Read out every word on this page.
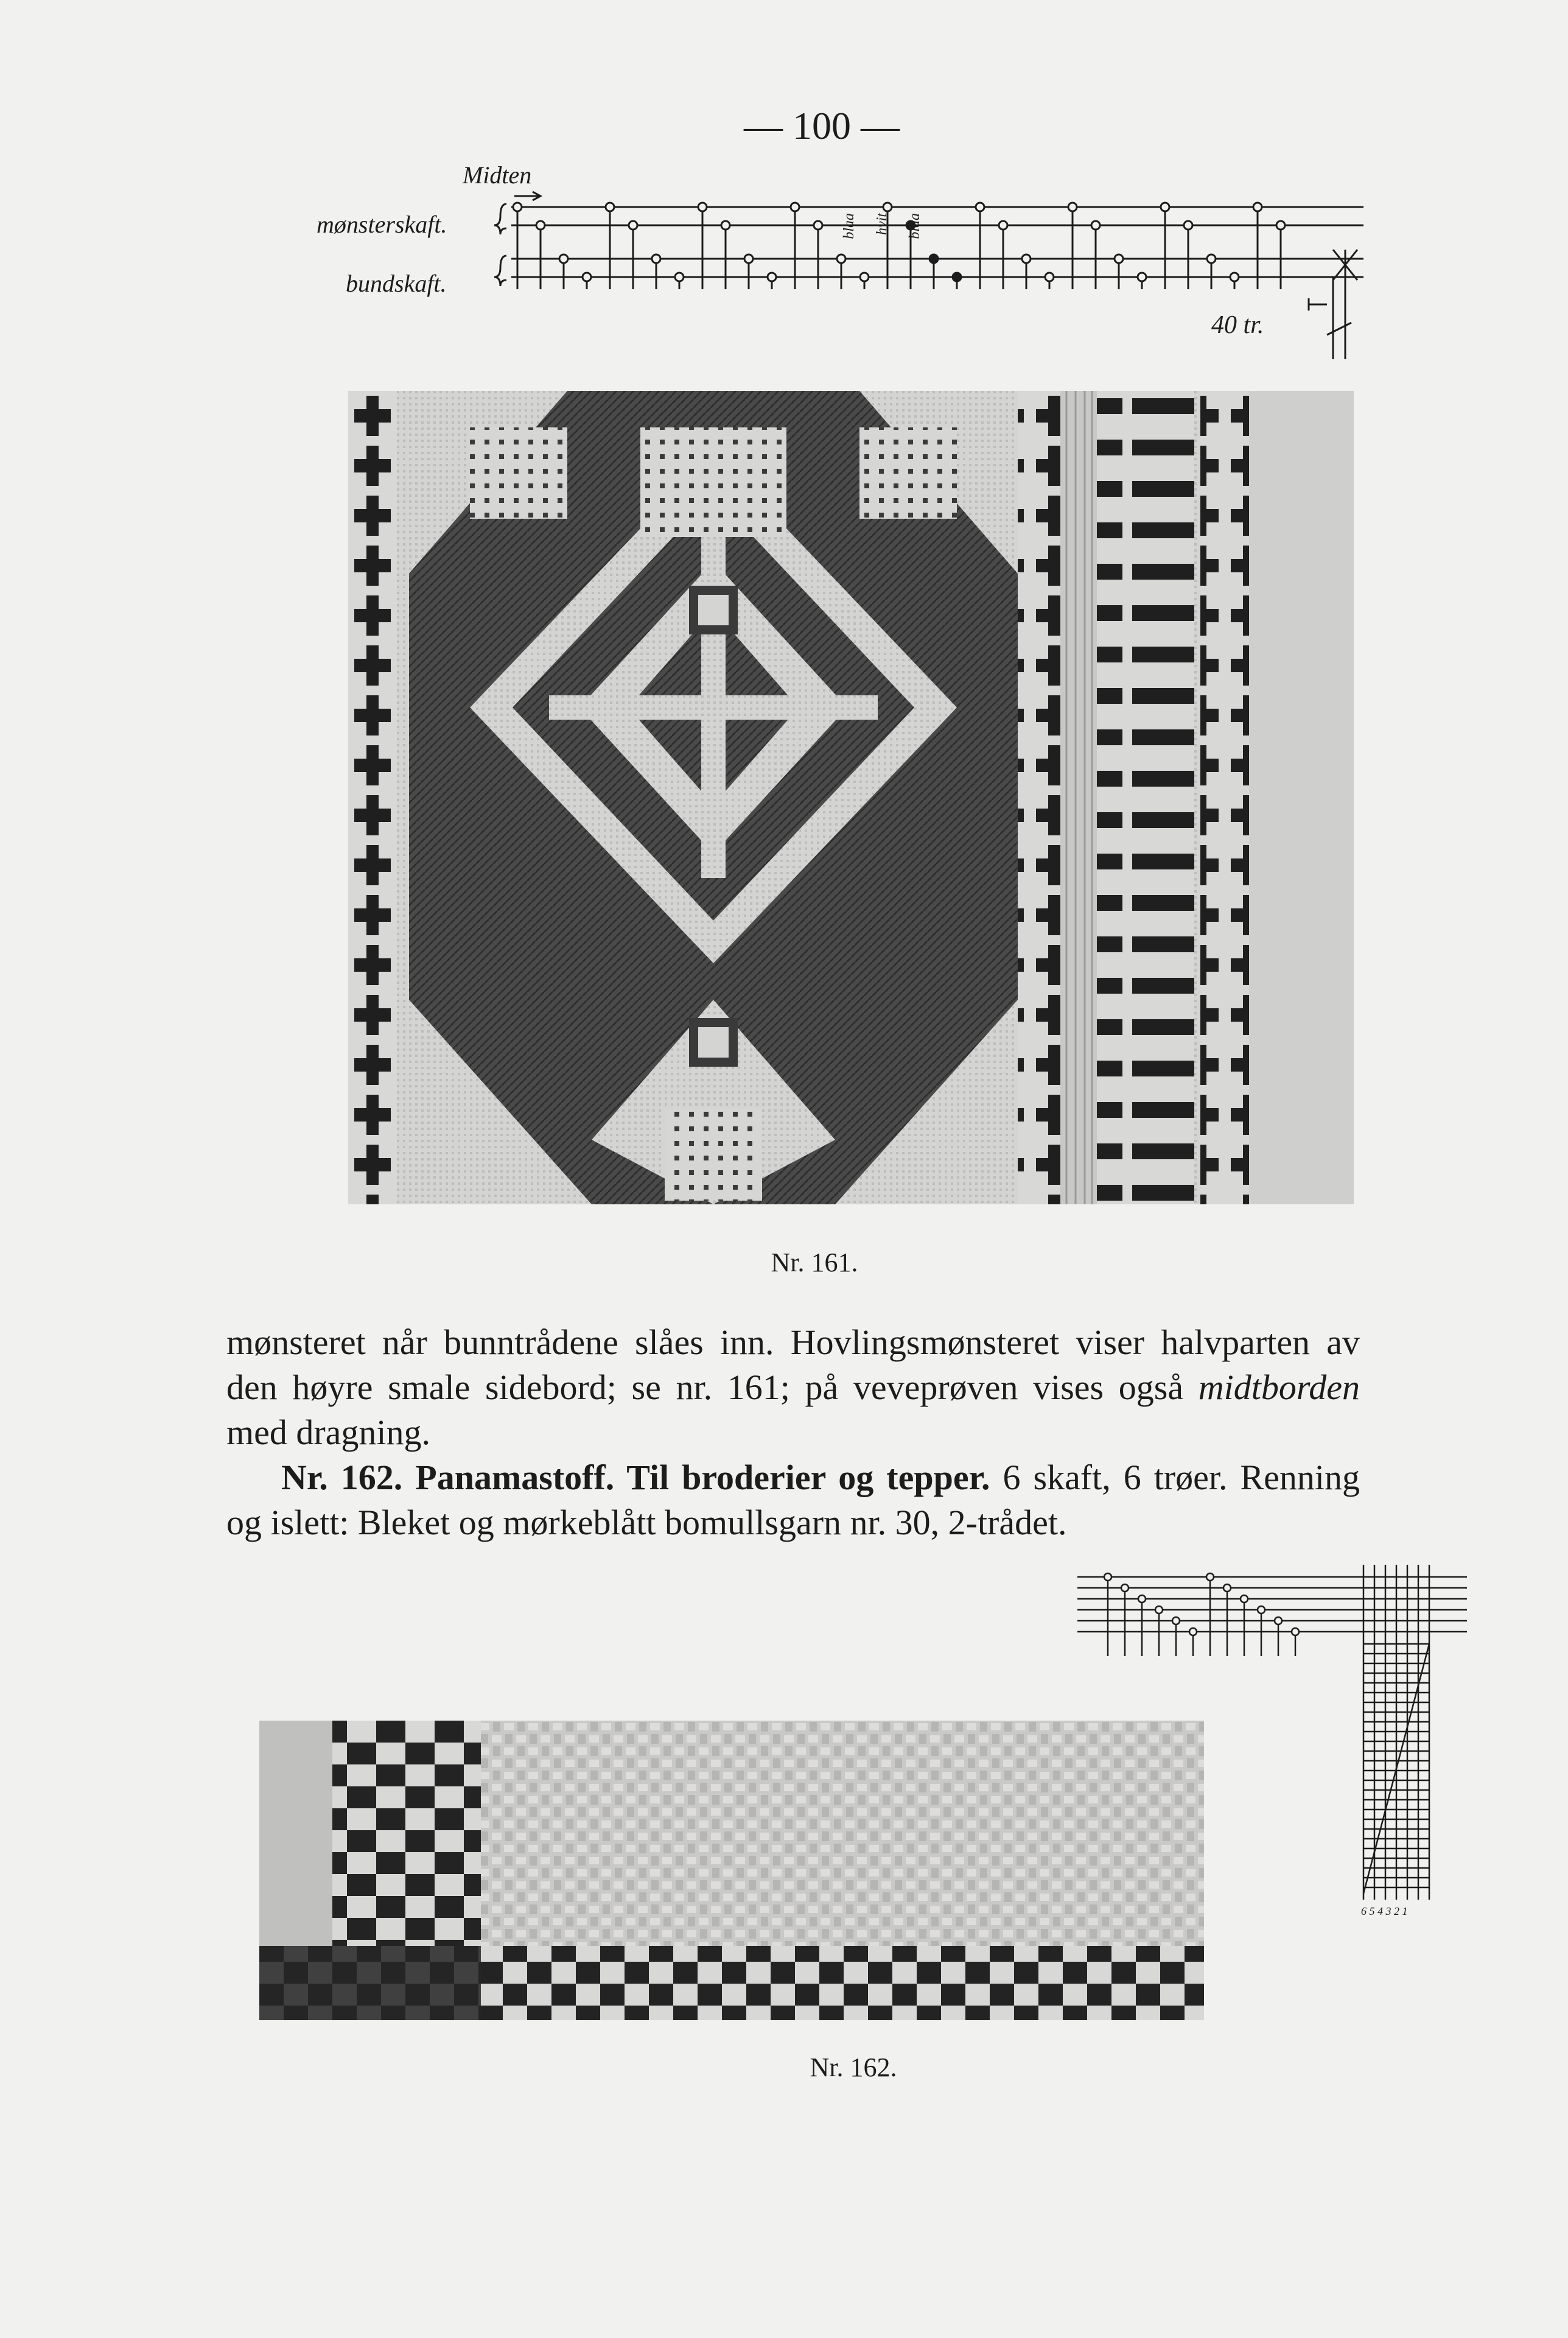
— 100 —
Midten
mønsterskaft.
bundskaft.
blaa hvit blaa
40 tr.
Nr. 161.

mønsteret når bunntrådene slåes inn. Hovlingsmønsteret viser halvparten av

den høyre smale sidebord; se nr. 161; på veveprøven vises også midtborden

med dragning.

Nr. 162. Panamastoff. Til broderier og tepper. 6 skaft, 6 trøer. Renning og islett: Bleket og mørkeblått bomullsgarn nr. 30, 2-trådet.

6 5 4 3 2 1
Nr. 162.
